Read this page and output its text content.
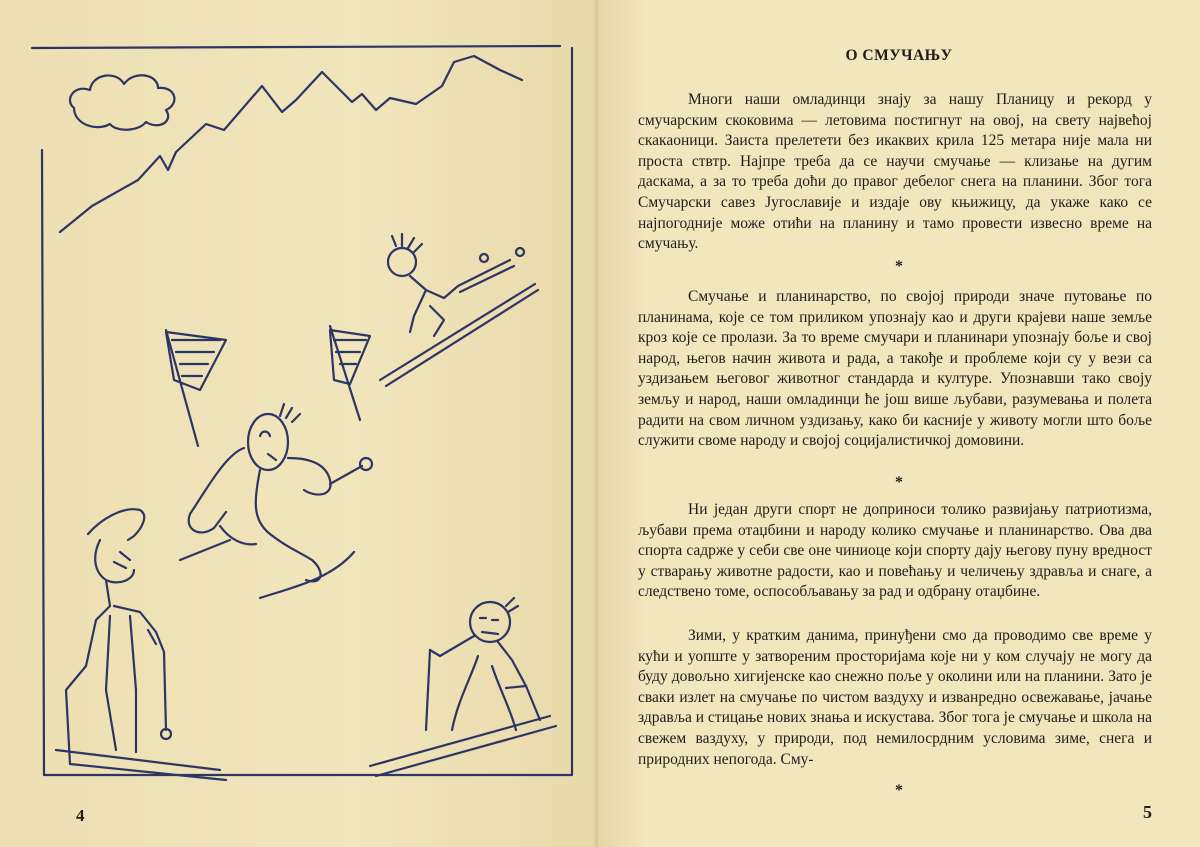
4
О СМУЧАЊУ

Многи наши омладинци знају за нашу Планицу и рекорд у смучарским скоковима — летовима постигнут на овој, на свету највећој скакаоници. Заиста прелетети без икаквих крила 125 метара није мала ни проста ствтр. Најпре треба да се научи смучање — клизање на дугим даскама, а за то треба доћи до правог дебелог снега на планини. Због тога Смучарски савез Југославије и издаје ову књижицу, да укаже како се најпогодније може отићи на планину и тамо провести извесно време на смучању.

*

Смучање и планинарство, по својој природи значе путовање по планинама, које се том приликом упознају као и други крајеви наше земље кроз које се пролази. За то време смучари и планинари упознају боље и свој народ, његов начин живота и рада, а такође и проблеме који су у вези са уздизањем његовог животног стандарда и културе. Упознавши тако своју земљу и народ, наши омладинци ће још више љубави, разумевања и полета радити на свом личном уздизању, како би касније у животу могли што боље служити своме народу и својој социјалистичкој домовини.

*

Ни један други спорт не доприноси толико развијању патриотизма, љубави према отаџбини и народу колико смучање и планинарство. Ова два спорта садрже у себи све оне чиниоце који спорту дају његову пуну вредност у стварању животне радости, као и повећању и челичењу здравља и снаге, а следствено томе, оспособљавању за рад и одбрану отаџбине.

Зими, у кратким данима, принуђени смо да проводимо све време у кући и уопште у затвореним просторијама које ни у ком случају не могу да буду довољно хигијенске као снежно поље у околини или на планини. Зато је сваки излет на смучање по чистом ваздуху и изванредно освежавање, јачање здравља и стицање нових знања и искустава. Због тога је смучање и школа на свежем ваздуху, у природи, под немилосрдним условима зиме, снега и природних непогода. Сму-

*
5
